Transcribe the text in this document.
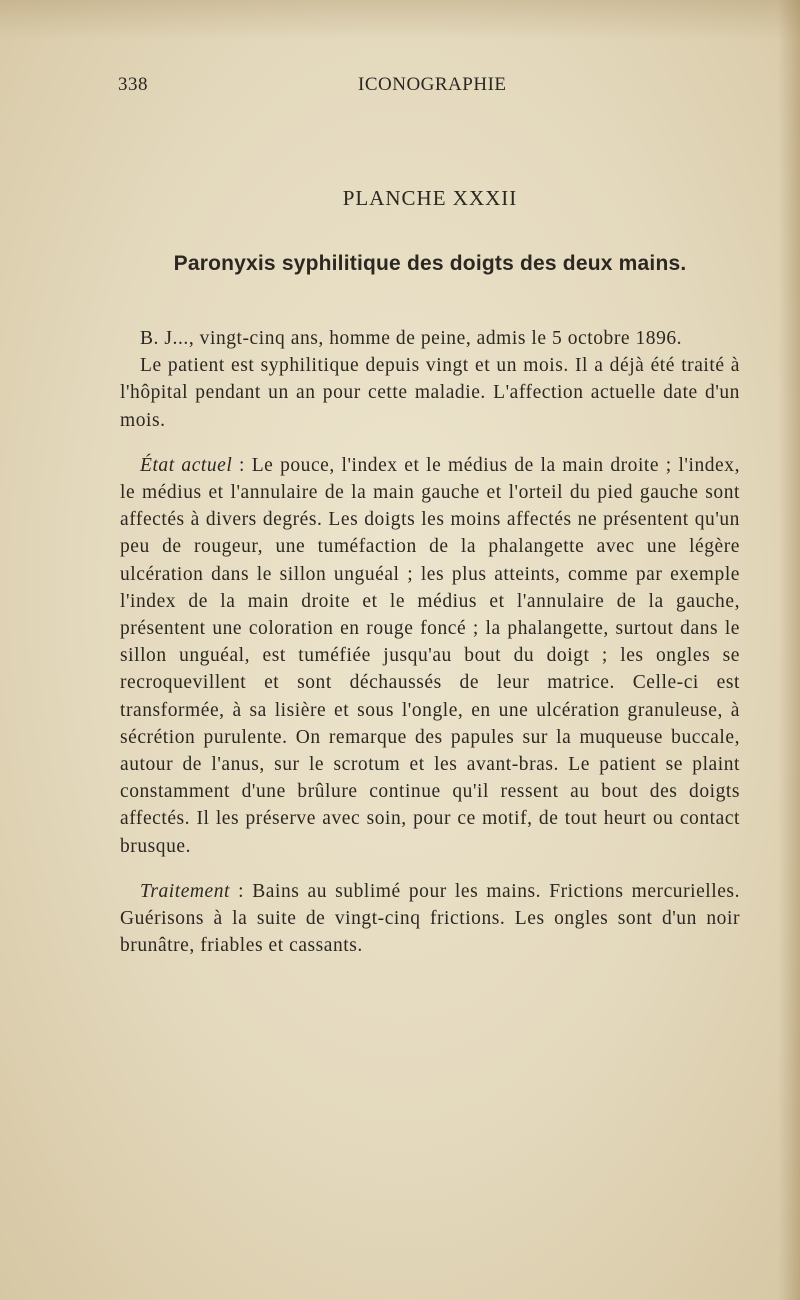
338	ICONOGRAPHIE
PLANCHE XXXII
Paronyxis syphilitique des doigts des deux mains.

B. J..., vingt-cinq ans, homme de peine, admis le 5 octobre 1896.

Le patient est syphilitique depuis vingt et un mois. Il a déjà été traité à l'hôpital pendant un an pour cette maladie. L'affection actuelle date d'un mois.

État actuel : Le pouce, l'index et le médius de la main droite ; l'index, le médius et l'annulaire de la main gauche et l'orteil du pied gauche sont affectés à divers degrés. Les doigts les moins affectés ne présentent qu'un peu de rougeur, une tuméfaction de la phalangette avec une légère ulcération dans le sillon unguéal ; les plus atteints, comme par exemple l'index de la main droite et le médius et l'annulaire de la gauche, présentent une coloration en rouge foncé ; la phalangette, surtout dans le sillon unguéal, est tuméfiée jusqu'au bout du doigt ; les ongles se recroquevillent et sont déchaussés de leur matrice. Celle-ci est transformée, à sa lisière et sous l'ongle, en une ulcération granuleuse, à sécrétion purulente. On remarque des papules sur la muqueuse buccale, autour de l'anus, sur le scrotum et les avant-bras. Le patient se plaint constamment d'une brûlure continue qu'il ressent au bout des doigts affectés. Il les préserve avec soin, pour ce motif, de tout heurt ou contact brusque.

Traitement : Bains au sublimé pour les mains. Frictions mercurielles. Guérisons à la suite de vingt-cinq frictions. Les ongles sont d'un noir brunâtre, friables et cassants.
